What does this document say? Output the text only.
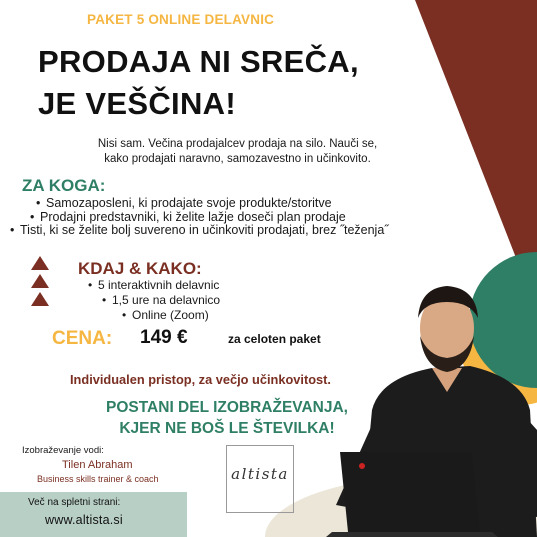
PAKET 5 ONLINE DELAVNIC
PRODAJA NI SREČA,
JE VEŠČINA!
Nisi sam. Večina prodajalcev prodaja na silo. Nauči se,
kako prodajati naravno, samozavestno in učinkovito.
ZA KOGA:
• Samozaposleni, ki prodajate svoje produkte/storitve
• Prodajni predstavniki, ki želite lažje doseči plan prodaje
• Tisti, ki se želite bolj suvereno in učinkoviti prodajati, brez ˝teženja˝
KDAJ & KAKO:
• 5 interaktivnih delavnic
• 1,5 ure na delavnico
• Online (Zoom)
CENA: 149 €	za celoten paket
Individualen pristop, za večjo učinkovitost.
POSTANI DEL IZOBRAŽEVANJA,
KJER NE BOŠ LE ŠTEVILKA!
Izobraževanje vodi:
Tilen Abraham
Business skills trainer & coach
Več na spletni strani:
www.altista.si
altista
